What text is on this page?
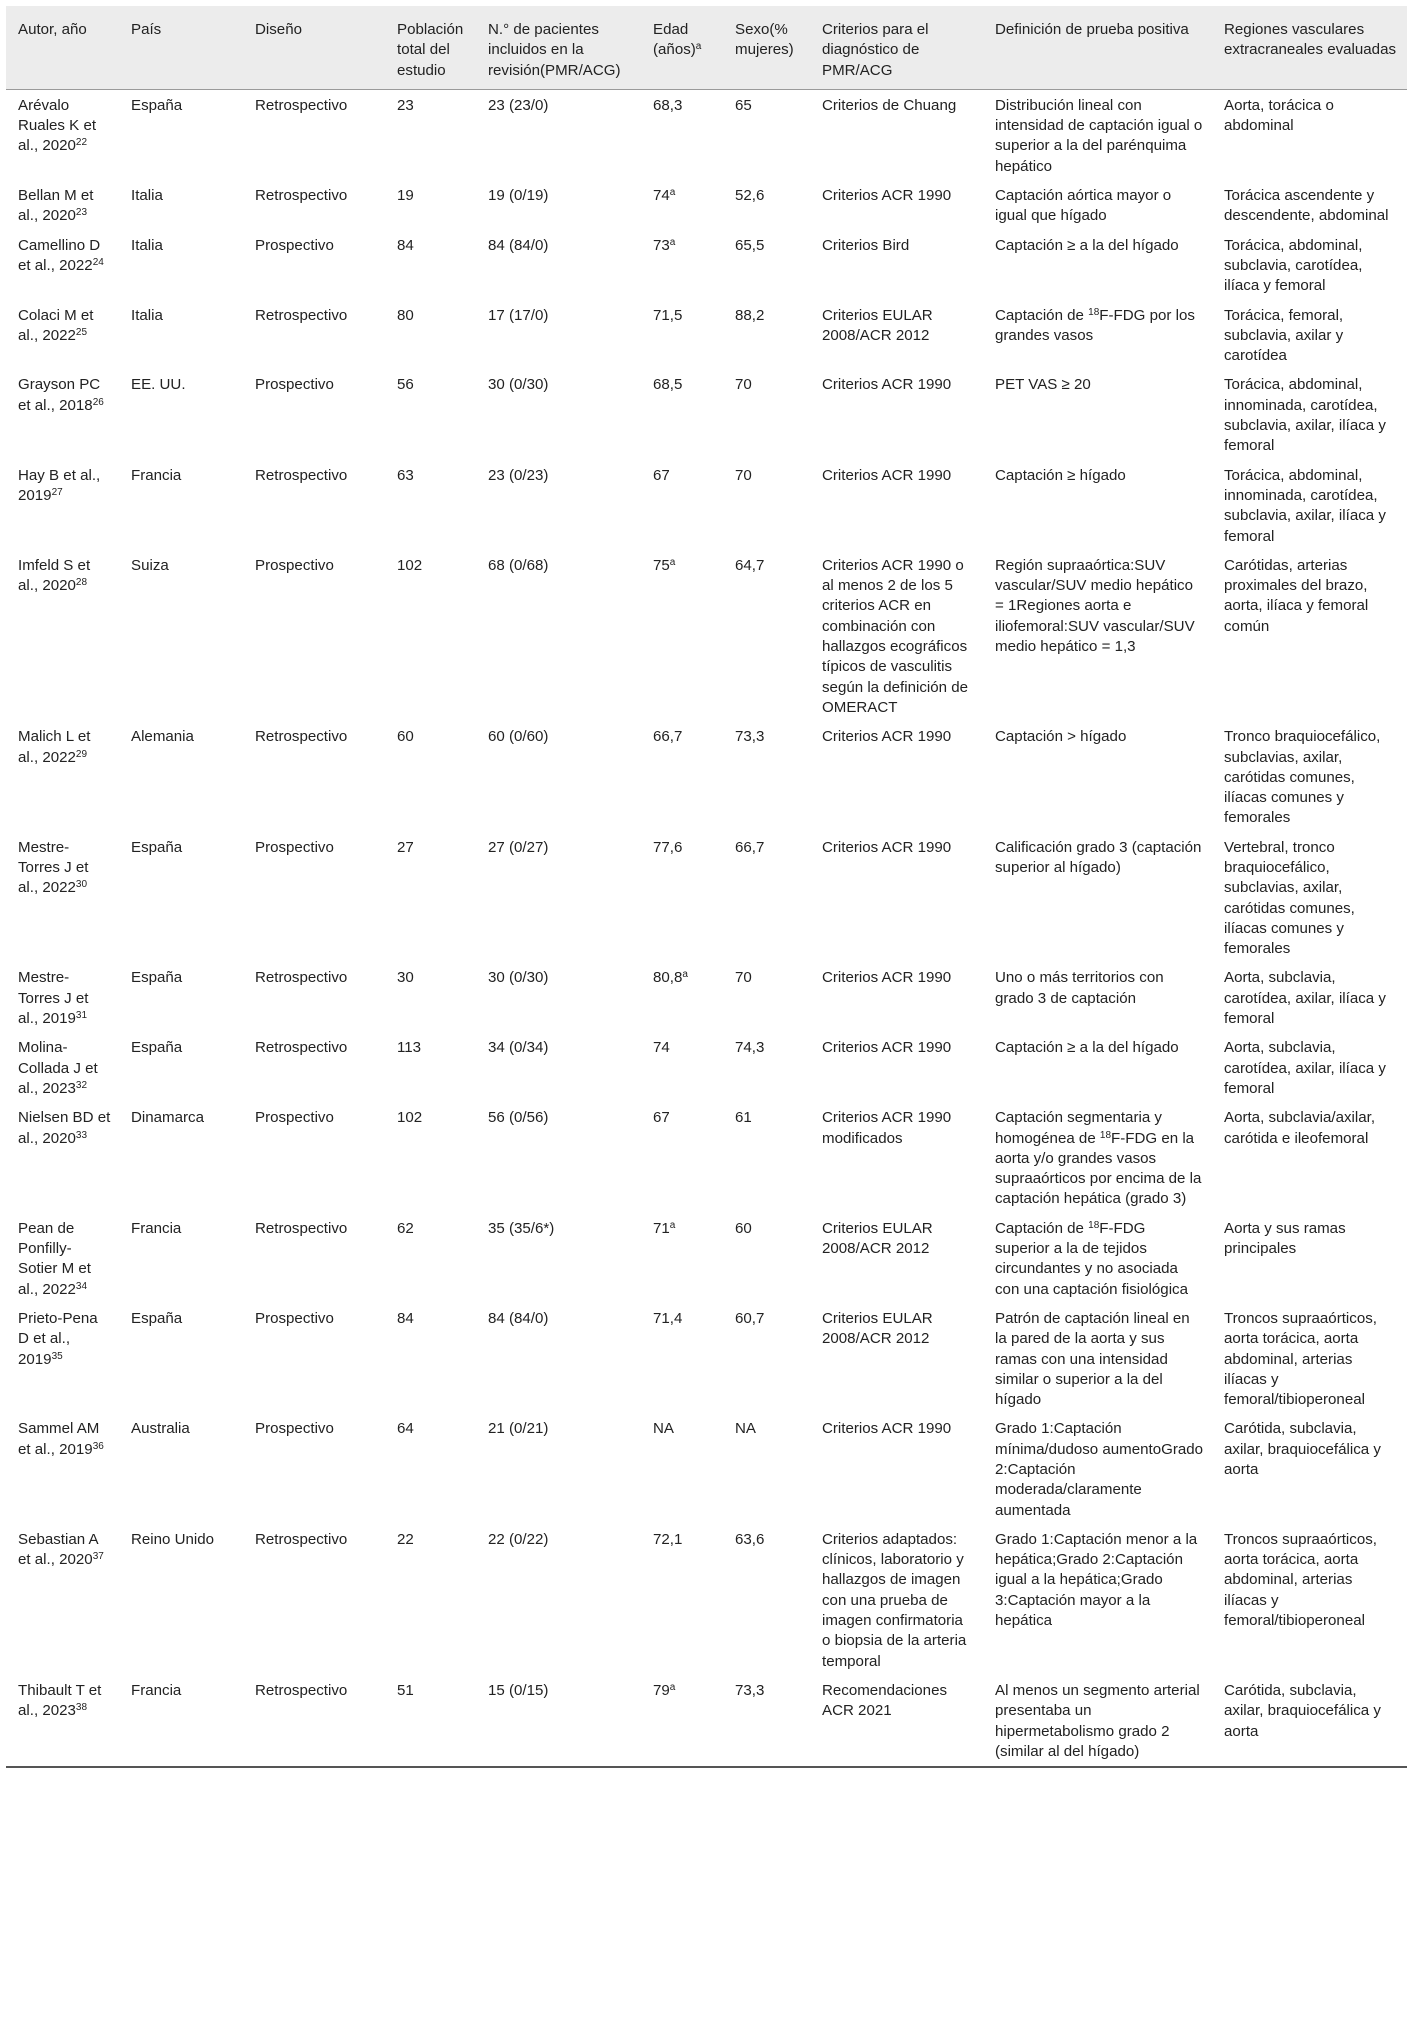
Autor, año	País	Diseño	Población total del estudio	N.° de pacientes incluidos en la revisión(PMR/ACG)	Edad (años)$^a$	Sexo(% mujeres)	Criterios para el diagnóstico de PMR/ACG	Definición de prueba positiva	Regiones vasculares extracraneales evaluadas
Arévalo Ruales K et al., 2020$^{22}$	España	Retrospectivo	23	23 (23/0)	68,3	65	Criterios de Chuang	Distribución lineal con intensidad de captación igual o superior a la del parénquima hepático	Aorta, torácica o abdominal
Bellan M et al., 2020$^{23}$	Italia	Retrospectivo	19	19 (0/19)	74$^a$	52,6	Criterios ACR 1990	Captación aórtica mayor o igual que hígado	Torácica ascendente y descendente, abdominal
Camellino D et al., 2022$^{24}$	Italia	Prospectivo	84	84 (84/0)	73$^a$	65,5	Criterios Bird	Captación ≥ a la del hígado	Torácica, abdominal, subclavia, carotídea, ilíaca y femoral
Colaci M et al., 2022$^{25}$	Italia	Retrospectivo	80	17 (17/0)	71,5	88,2	Criterios EULAR 2008/ACR 2012	Captación de $^{18}$F-FDG por los grandes vasos	Torácica, femoral, subclavia, axilar y carotídea
Grayson PC et al., 2018$^{26}$	EE. UU.	Prospectivo	56	30 (0/30)	68,5	70	Criterios ACR 1990	PET VAS ≥ 20	Torácica, abdominal, innominada, carotídea, subclavia, axilar, ilíaca y femoral
Hay B et al., 2019$^{27}$	Francia	Retrospectivo	63	23 (0/23)	67	70	Criterios ACR 1990	Captación ≥ hígado	Torácica, abdominal, innominada, carotídea, subclavia, axilar, ilíaca y femoral
Imfeld S et al., 2020$^{28}$	Suiza	Prospectivo	102	68 (0/68)	75$^a$	64,7	Criterios ACR 1990 o al menos 2 de los 5 criterios ACR en combinación con hallazgos ecográficos típicos de vasculitis según la definición de OMERACT	Región supraaórtica:SUV vascular/SUV medio hepático = 1Regiones aorta e iliofemoral:SUV vascular/SUV medio hepático = 1,3	Carótidas, arterias proximales del brazo, aorta, ilíaca y femoral común
Malich L et al., 2022$^{29}$	Alemania	Retrospectivo	60	60 (0/60)	66,7	73,3	Criterios ACR 1990	Captación > hígado	Tronco braquiocefálico, subclavias, axilar, carótidas comunes, ilíacas comunes y femorales
Mestre-Torres J et al., 2022$^{30}$	España	Prospectivo	27	27 (0/27)	77,6	66,7	Criterios ACR 1990	Calificación grado 3 (captación superior al hígado)	Vertebral, tronco braquiocefálico, subclavias, axilar, carótidas comunes, ilíacas comunes y femorales
Mestre-Torres J et al., 2019$^{31}$	España	Retrospectivo	30	30 (0/30)	80,8$^a$	70	Criterios ACR 1990	Uno o más territorios con grado 3 de captación	Aorta, subclavia, carotídea, axilar, ilíaca y femoral
Molina-Collada J et al., 2023$^{32}$	España	Retrospectivo	113	34 (0/34)	74	74,3	Criterios ACR 1990	Captación ≥ a la del hígado	Aorta, subclavia, carotídea, axilar, ilíaca y femoral
Nielsen BD et al., 2020$^{33}$	Dinamarca	Prospectivo	102	56 (0/56)	67	61	Criterios ACR 1990 modificados	Captación segmentaria y homogénea de $^{18}$F-FDG en la aorta y/o grandes vasos supraaórticos por encima de la captación hepática (grado 3)	Aorta, subclavia/axilar, carótida e ileofemoral
Pean de Ponfilly-Sotier M et al., 2022$^{34}$	Francia	Retrospectivo	62	35 (35/6*)	71$^a$	60	Criterios EULAR 2008/ACR 2012	Captación de $^{18}$F-FDG superior a la de tejidos circundantes y no asociada con una captación fisiológica	Aorta y sus ramas principales
Prieto-Pena D et al., 2019$^{35}$	España	Prospectivo	84	84 (84/0)	71,4	60,7	Criterios EULAR 2008/ACR 2012	Patrón de captación lineal en la pared de la aorta y sus ramas con una intensidad similar o superior a la del hígado	Troncos supraaórticos, aorta torácica, aorta abdominal, arterias ilíacas y femoral/tibioperoneal
Sammel AM et al., 2019$^{36}$	Australia	Prospectivo	64	21 (0/21)	NA	NA	Criterios ACR 1990	Grado 1:Captación mínima/dudoso aumentoGrado 2:Captación moderada/claramente aumentada	Carótida, subclavia, axilar, braquiocefálica y aorta
Sebastian A et al., 2020$^{37}$	Reino Unido	Retrospectivo	22	22 (0/22)	72,1	63,6	Criterios adaptados: clínicos, laboratorio y hallazgos de imagen con una prueba de imagen confirmatoria o biopsia de la arteria temporal	Grado 1:Captación menor a la hepática;Grado 2:Captación igual a la hepática;Grado 3:Captación mayor a la hepática	Troncos supraaórticos, aorta torácica, aorta abdominal, arterias ilíacas y femoral/tibioperoneal
Thibault T et al., 2023$^{38}$	Francia	Retrospectivo	51	15 (0/15)	79$^a$	73,3	Recomendaciones ACR 2021	Al menos un segmento arterial presentaba un hipermetabolismo grado 2 (similar al del hígado)	Carótida, subclavia, axilar, braquiocefálica y aorta
